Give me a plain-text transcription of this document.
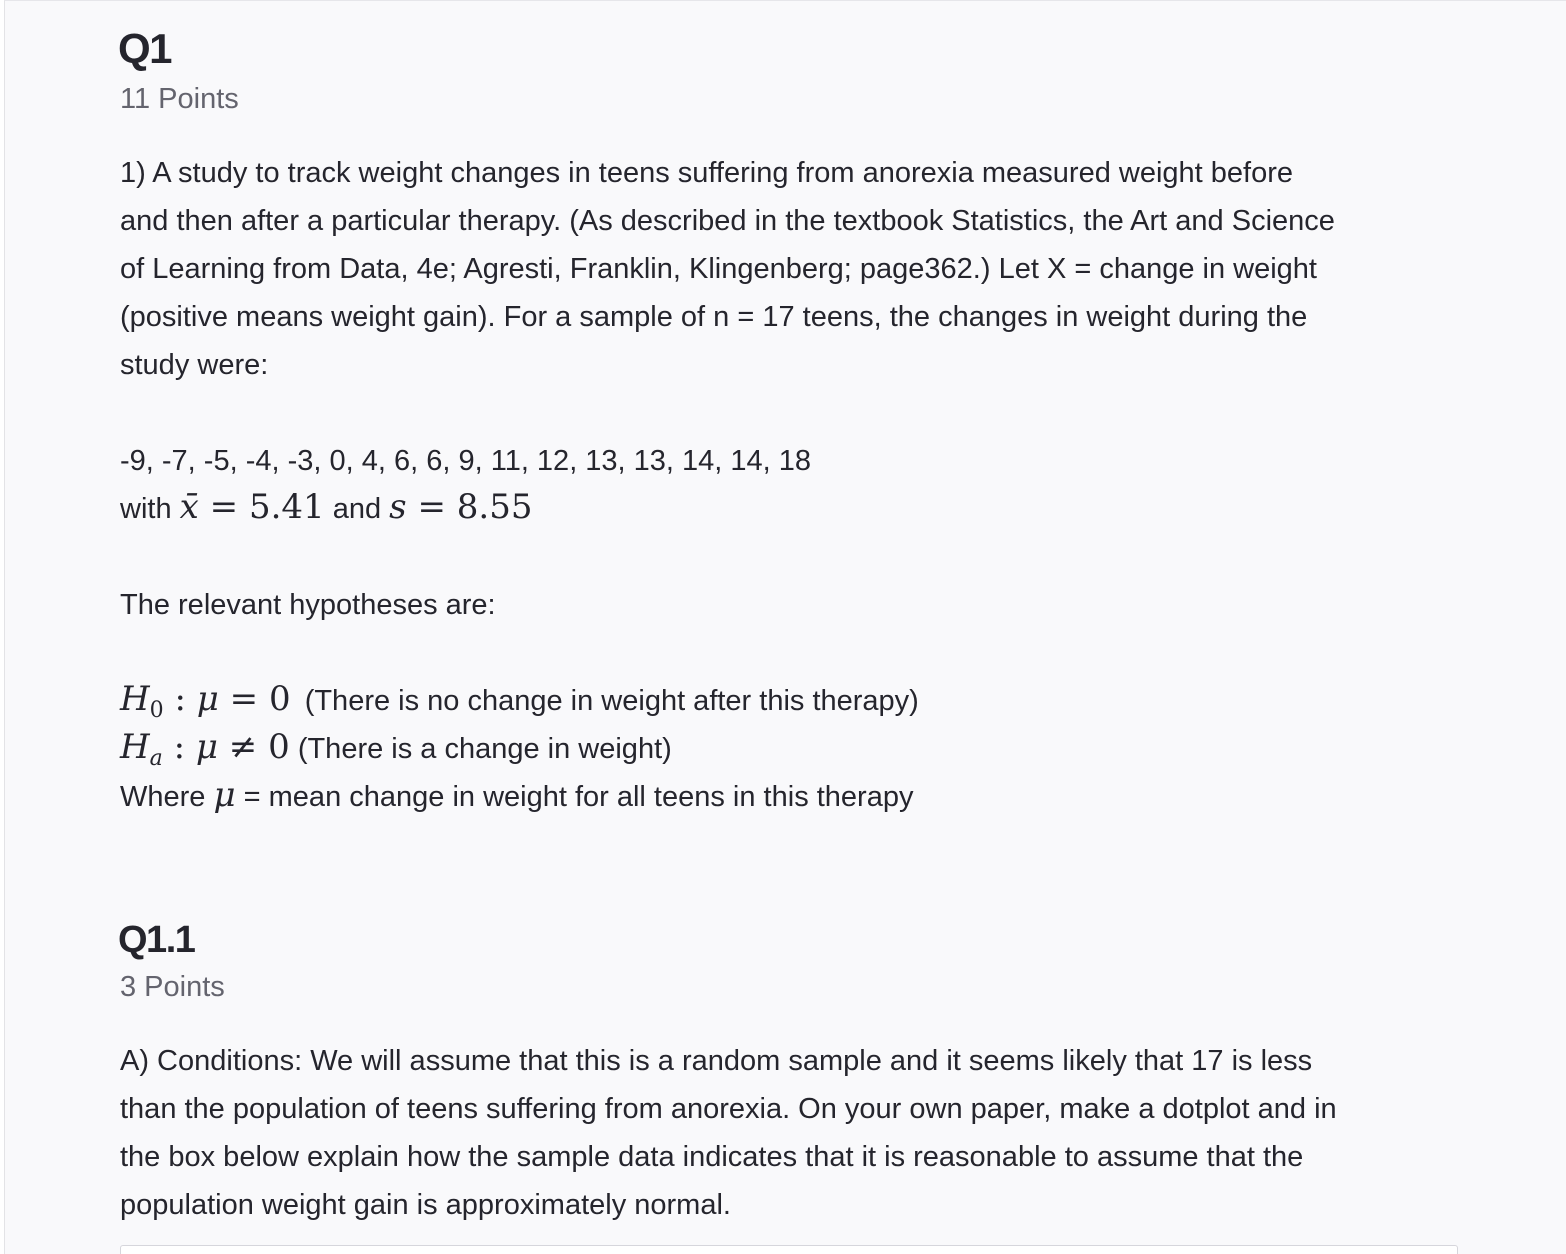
Q1
11 Points
1) A study to track weight changes in teens suffering from anorexia measured weight before
and then after a particular therapy. (As described in the textbook Statistics, the Art and Science
of Learning from Data, 4e; Agresti, Franklin, Klingenberg; page362.) Let X = change in weight
(positive means weight gain). For a sample of n = 17 teens, the changes in weight during the
study were:
-9, -7, -5, -4, -3, 0, 4, 6, 6, 9, 11, 12, 13, 13, 14, 14, 18
with x̄ = 5.41 and s = 8.55
The relevant hypotheses are:
$H_0$ : μ = 0 (There is no change in weight after this therapy)
$H_a$ : μ ≠ 0 (There is a change in weight)
Where μ = mean change in weight for all teens in this therapy
Q1.1
3 Points
A) Conditions: We will assume that this is a random sample and it seems likely that 17 is less
than the population of teens suffering from anorexia. On your own paper, make a dotplot and in
the box below explain how the sample data indicates that it is reasonable to assume that the
population weight gain is approximately normal.
